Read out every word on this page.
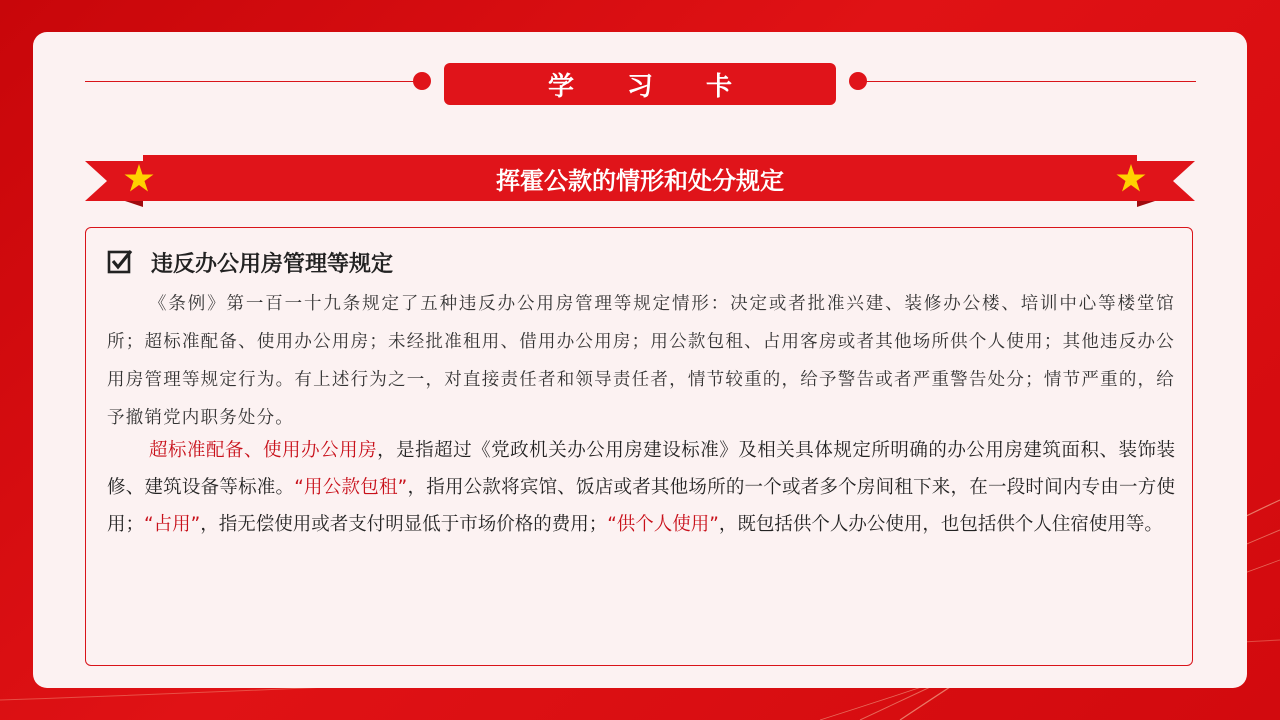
学 习 卡
挥霍公款的情形和处分规定
违反办公用房管理等规定

《条例》第一百一十九条规定了五种违反办公用房管理等规定情形：决定或者批准兴建、装修办公楼、培训中心等楼堂馆所；超标准配备、使用办公用房；未经批准租用、借用办公用房；用公款包租、占用客房或者其他场所供个人使用；其他违反办公用房管理等规定行为。有上述行为之一，对直接责任者和领导责任者，情节较重的，给予警告或者严重警告处分；情节严重的，给予撤销党内职务处分。

超标准配备、使用办公用房，是指超过《党政机关办公用房建设标准》及相关具体规定所明确的办公用房建筑面积、装饰装修、建筑设备等标准。“用公款包租”，指用公款将宾馆、饭店或者其他场所的一个或者多个房间租下来，在一段时间内专由一方使用；“占用”，指无偿使用或者支付明显低于市场价格的费用；“供个人使用”，既包括供个人办公使用，也包括供个人住宿使用等。
